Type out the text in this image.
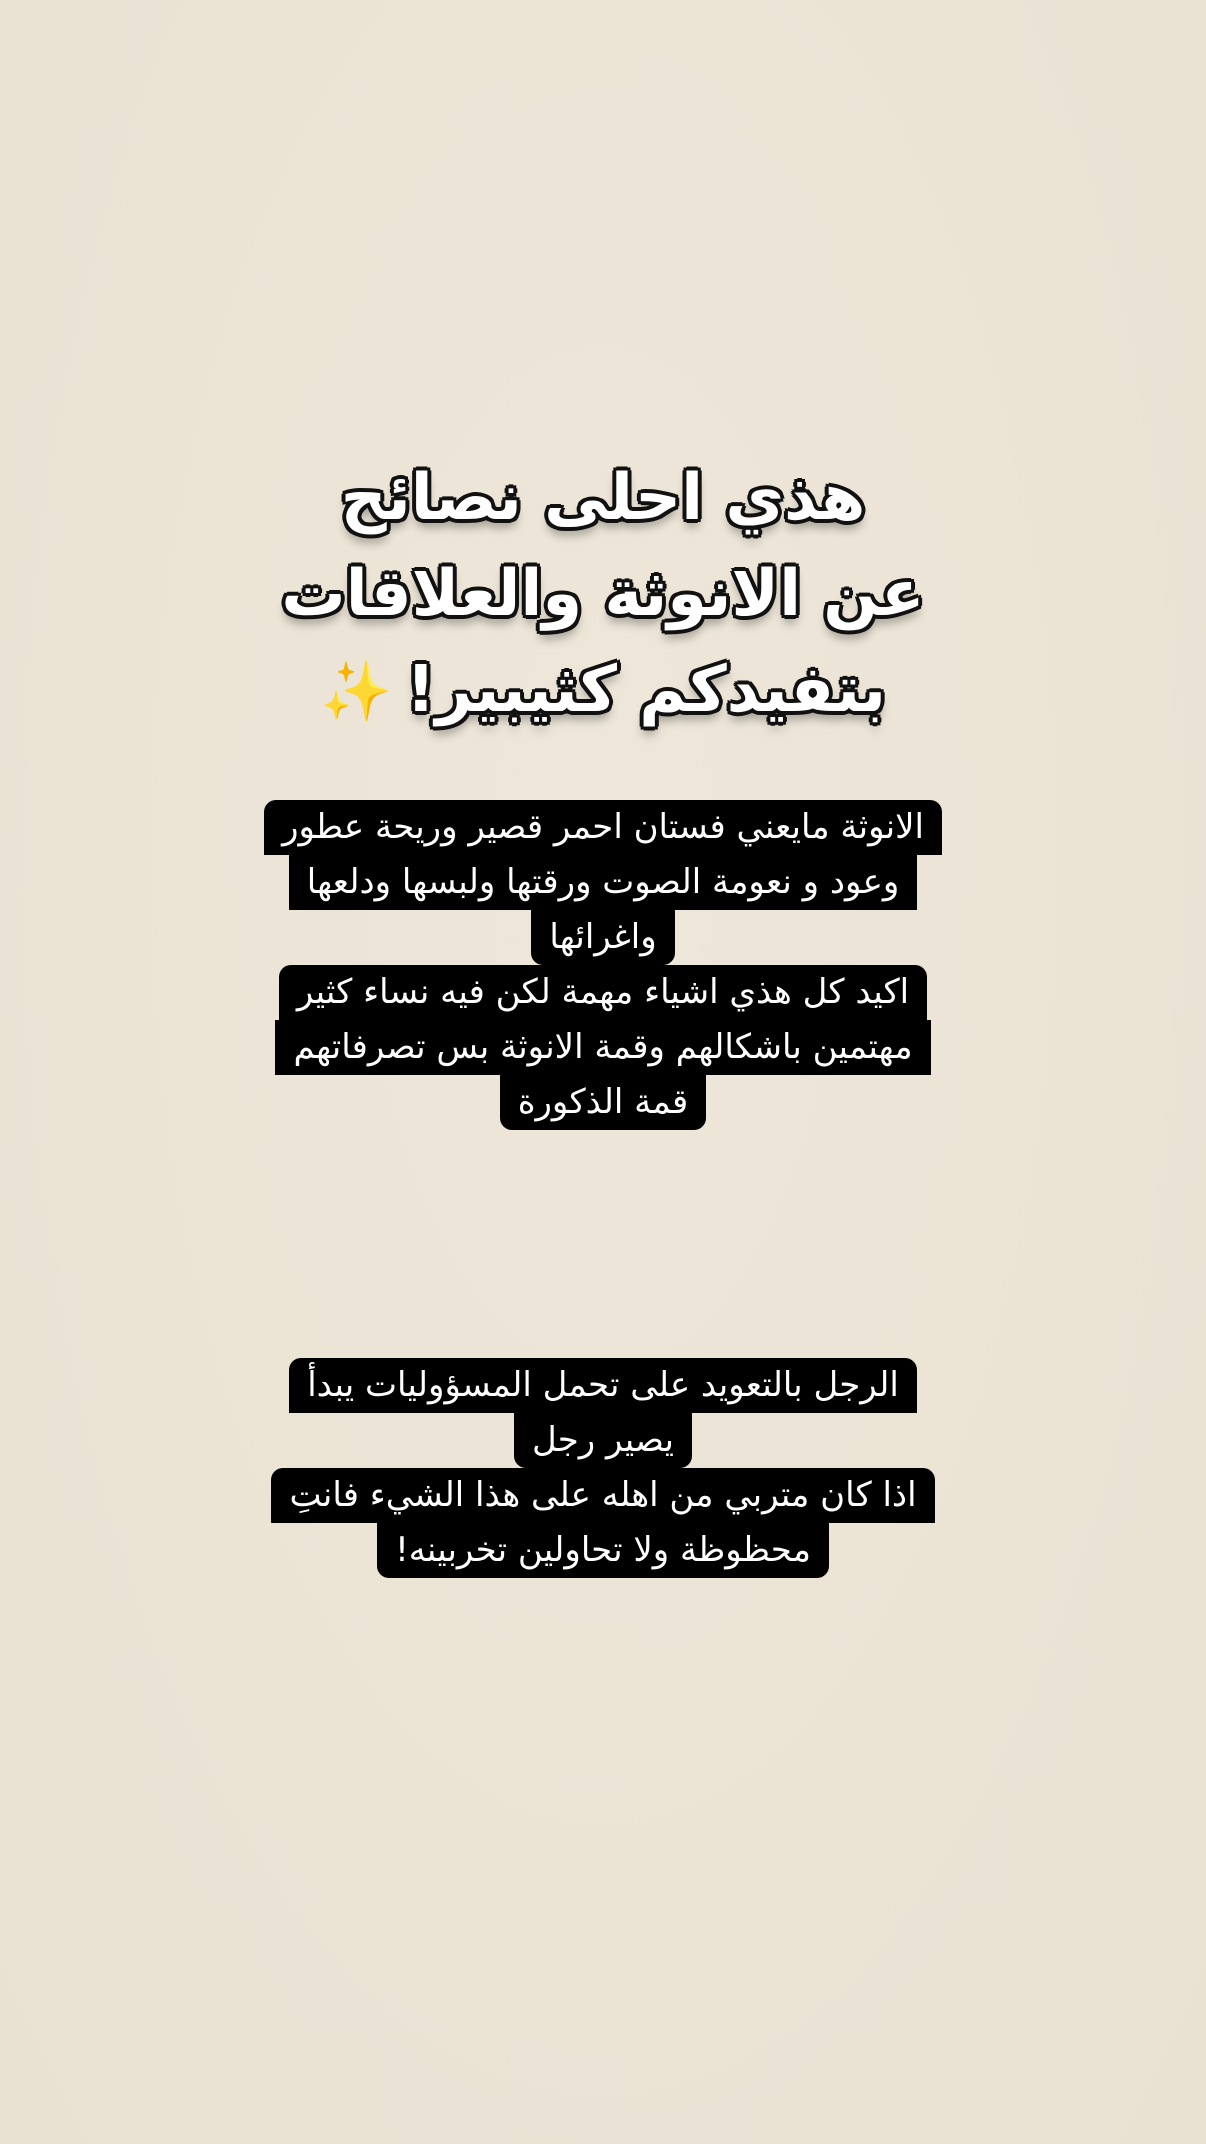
هذي احلى نصائح
عن الانوثة والعلاقات
بتفيدكم كثيبير!✨
الانوثة مايعني فستان احمر قصير وريحة عطور
وعود و نعومة الصوت ورقتها ولبسها ودلعها
واغرائها
اكيد كل هذي اشياء مهمة لكن فيه نساء كثير
مهتمين باشكالهم وقمة الانوثة بس تصرفاتهم
قمة الذكورة
الرجل بالتعويد على تحمل المسؤوليات يبدأ
يصير رجل
اذا كان متربي من اهله على هذا الشيء فانتِ
محظوظة ولا تحاولين تخربينه!
